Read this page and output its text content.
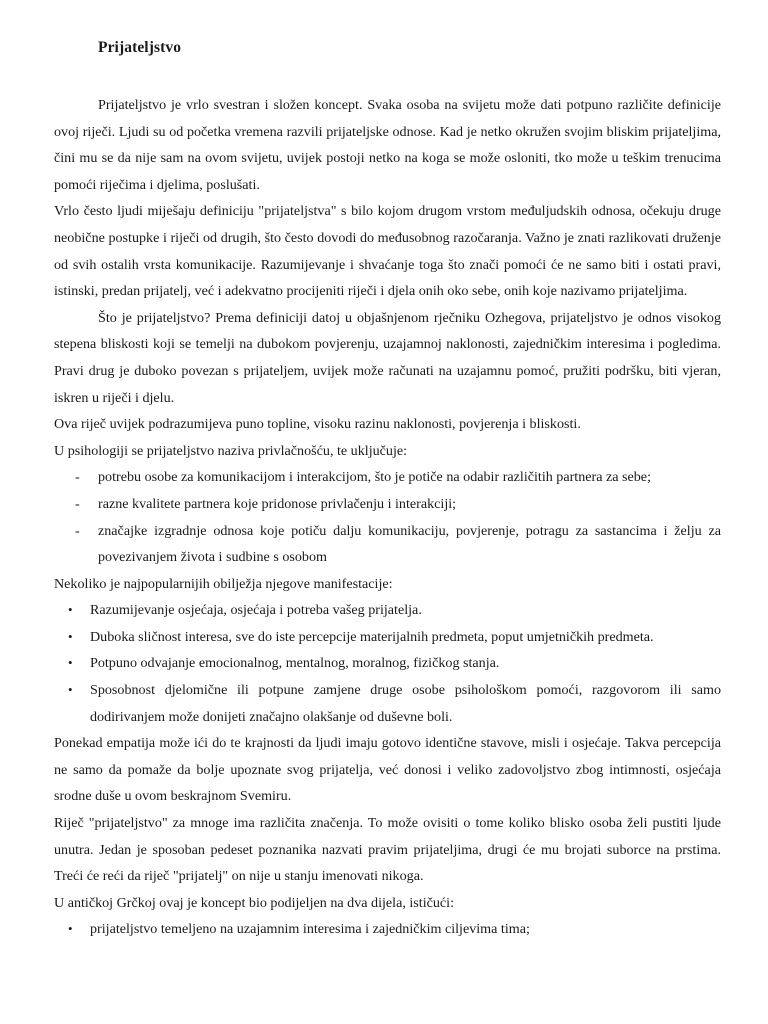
Prijateljstvo

Prijateljstvo je vrlo svestran i složen koncept. Svaka osoba na svijetu može dati potpuno različite definicije ovoj riječi. Ljudi su od početka vremena razvili prijateljske odnose. Kad je netko okružen svojim bliskim prijateljima, čini mu se da nije sam na ovom svijetu, uvijek postoji netko na koga se može osloniti, tko može u teškim trenucima pomoći riječima i djelima, poslušati.

Vrlo često ljudi miješaju definiciju "prijateljstva" s bilo kojom drugom vrstom međuljudskih odnosa, očekuju druge neobične postupke i riječi od drugih, što često dovodi do međusobnog razočaranja. Važno je znati razlikovati druženje od svih ostalih vrsta komunikacije. Razumijevanje i shvaćanje toga što znači pomoći će ne samo biti i ostati pravi, istinski, predan prijatelj, već i adekvatno procijeniti riječi i djela onih oko sebe, onih koje nazivamo prijateljima.

Što je prijateljstvo? Prema definiciji datoj u objašnjenom rječniku Ozhegova, prijateljstvo je odnos visokog stepena bliskosti koji se temelji na dubokom povjerenju, uzajamnoj naklonosti, zajedničkim interesima i pogledima. Pravi drug je duboko povezan s prijateljem, uvijek može računati na uzajamnu pomoć, pružiti podršku, biti vjeran, iskren u riječi i djelu.

Ova riječ uvijek podrazumijeva puno topline, visoku razinu naklonosti, povjerenja i bliskosti.

U psihologiji se prijateljstvo naziva privlačnošću, te uključuje:

- potrebu osobe za komunikacijom i interakcijom, što je potiče na odabir različitih partnera za sebe;
- razne kvalitete partnera koje pridonose privlačenju i interakciji;
- značajke izgradnje odnosa koje potiču dalju komunikaciju, povjerenje, potragu za sastancima i želju za povezivanjem života i sudbine s osobom

Nekoliko je najpopularnijih obilježja njegove manifestacije:

• Razumijevanje osjećaja, osjećaja i potreba vašeg prijatelja.
• Duboka sličnost interesa, sve do iste percepcije materijalnih predmeta, poput umjetničkih predmeta.
• Potpuno odvajanje emocionalnog, mentalnog, moralnog, fizičkog stanja.
• Sposobnost djelomične ili potpune zamjene druge osobe psihološkom pomoći, razgovorom ili samo dodirivanjem može donijeti značajno olakšanje od duševne boli.

Ponekad empatija može ići do te krajnosti da ljudi imaju gotovo identične stavove, misli i osjećaje. Takva percepcija ne samo da pomaže da bolje upoznate svog prijatelja, već donosi i veliko zadovoljstvo zbog intimnosti, osjećaja srodne duše u ovom beskrajnom Svemiru.

Riječ "prijateljstvo" za mnoge ima različita značenja. To može ovisiti o tome koliko blisko osoba želi pustiti ljude unutra. Jedan je sposoban pedeset poznanika nazvati pravim prijateljima, drugi će mu brojati suborce na prstima. Treći će reći da riječ "prijatelj" on nije u stanju imenovati nikoga.

U antičkoj Grčkoj ovaj je koncept bio podijeljen na dva dijela, ističući:

• prijateljstvo temeljeno na uzajamnim interesima i zajedničkim ciljevima tima;
